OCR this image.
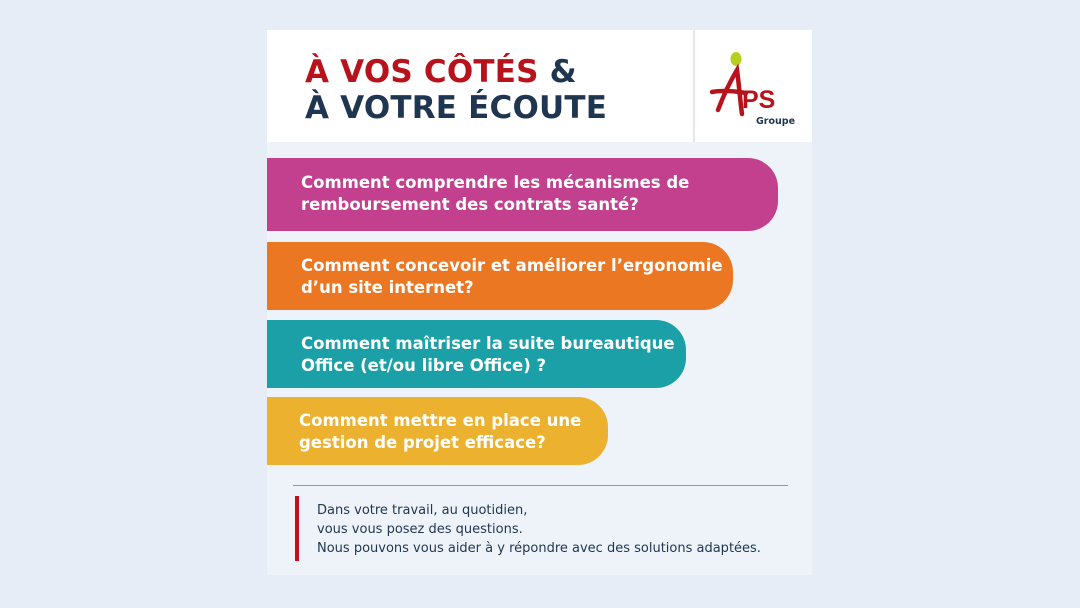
À VOS CÔTÉS &
À VOTRE ÉCOUTE	PS
Groupe
Comment comprendre les mécanismes de
remboursement des contrats santé?
Comment concevoir et améliorer l’ergonomie
d’un site internet?
Comment maîtriser la suite bureautique
Office (et/ou libre Office) ?
Comment mettre en place une
gestion de projet efficace?

Dans votre travail, au quotidien,
vous vous posez des questions.
Nous pouvons vous aider à y répondre avec des solutions adaptées.
